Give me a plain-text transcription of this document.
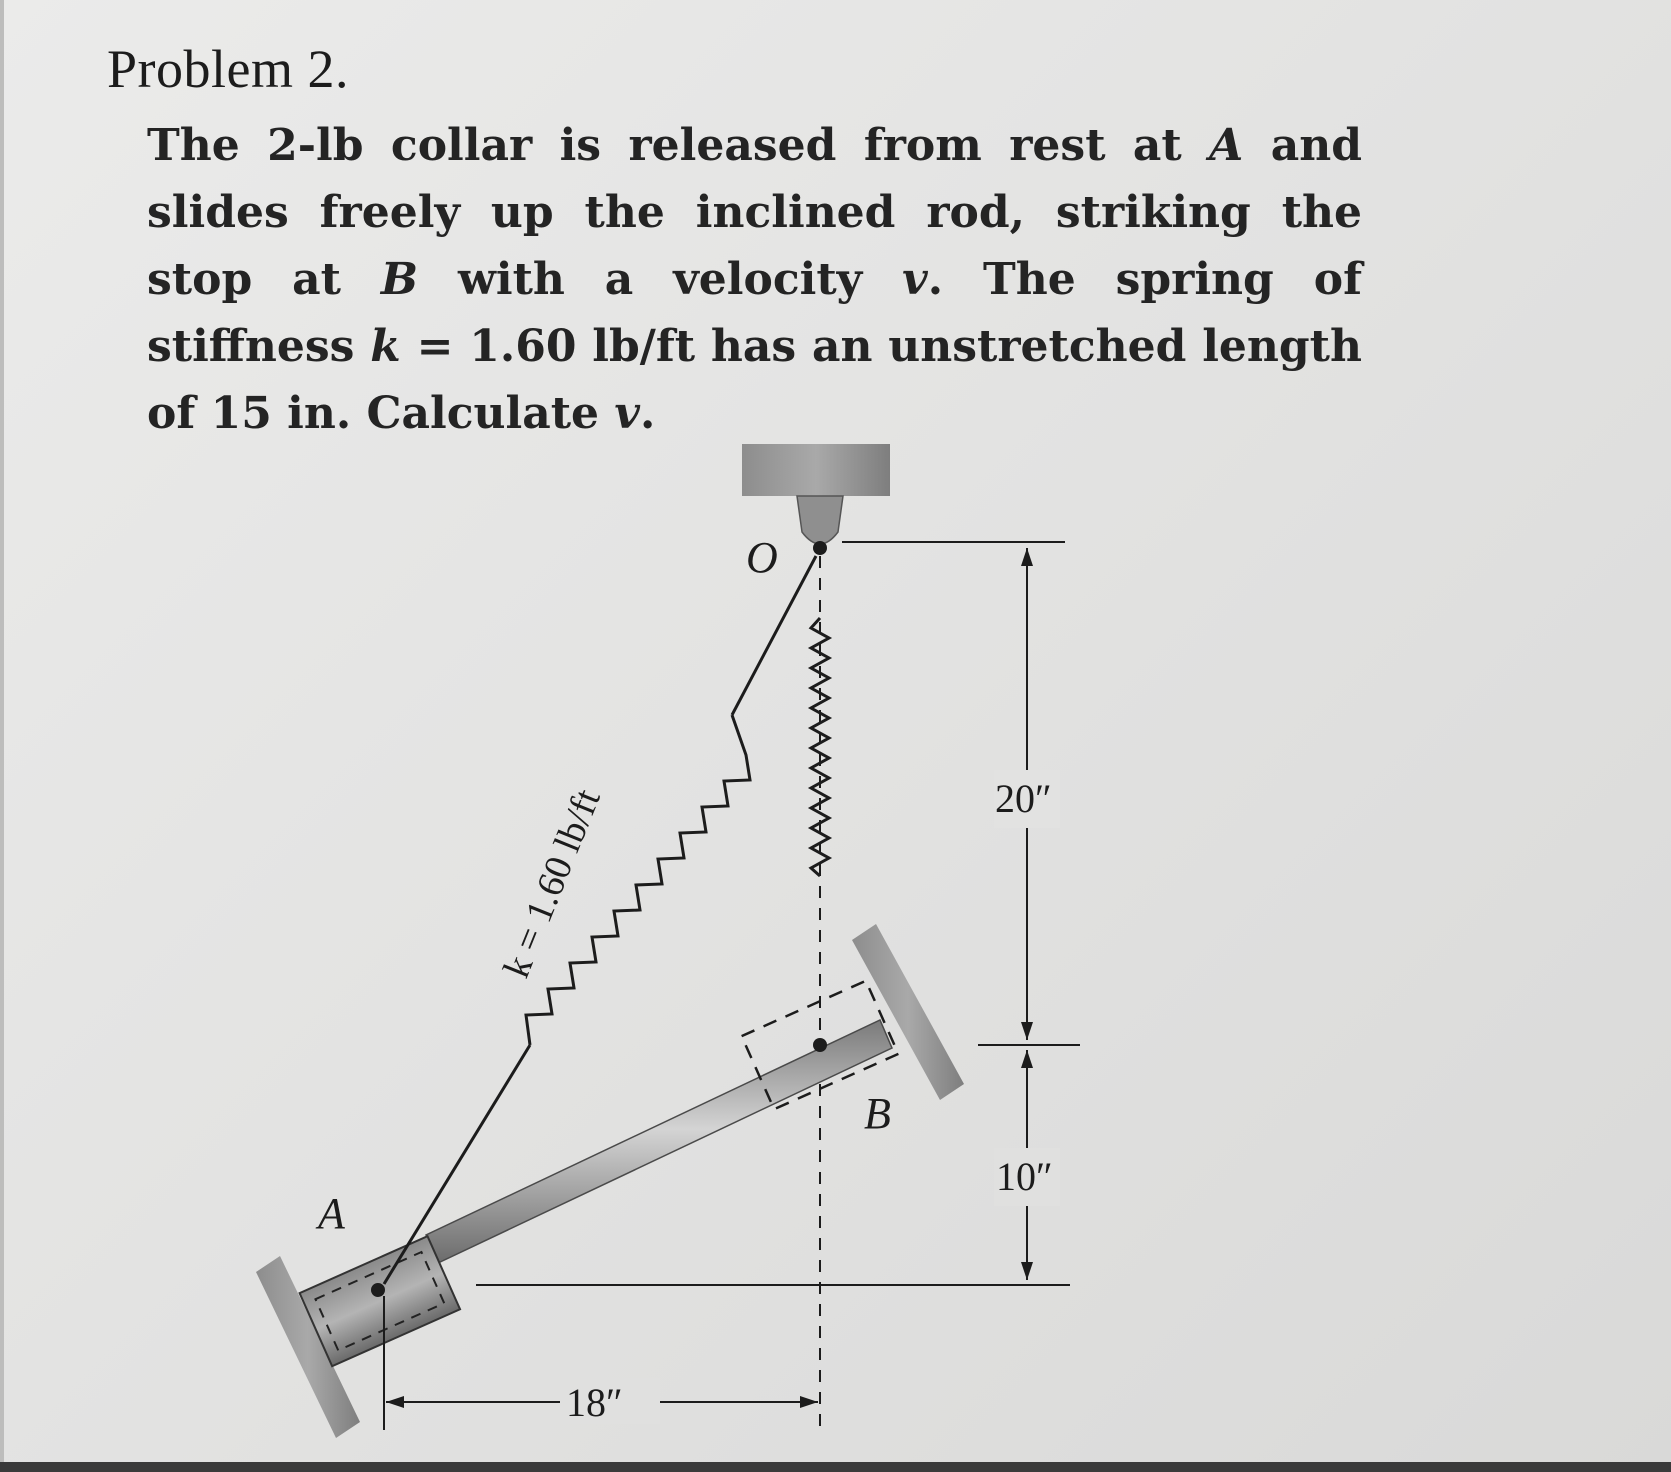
Problem 2.

The 2-lb collar is released from rest at A and slides freely up the inclined rod, striking the stop at B with a velocity v. The spring of stiffness k = 1.60 lb/ft has an unstretched length of 15 in. Calculate v.

O
A
B
k = 1.60 lb/ft	20″
10″
18″
